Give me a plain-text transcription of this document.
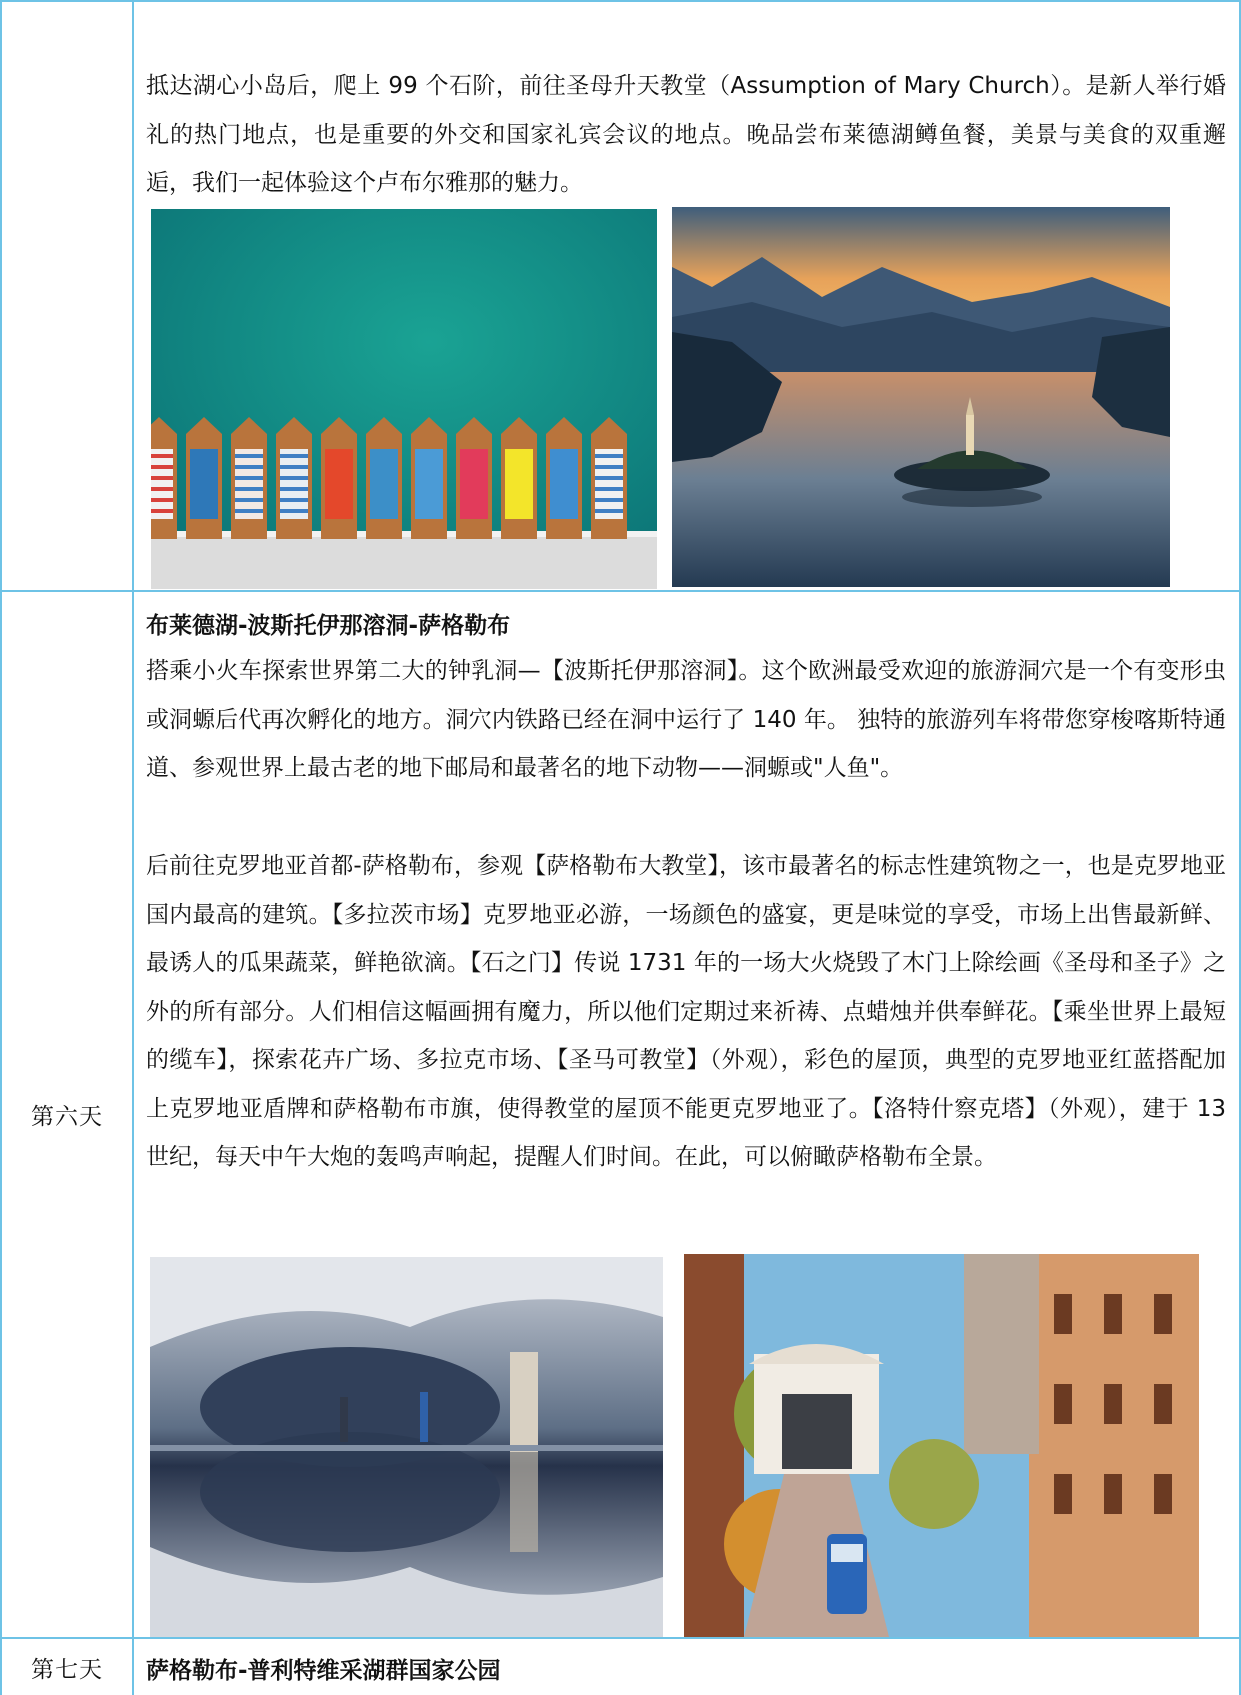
抵达湖心小岛后，爬上 99 个石阶，前往圣母升天教堂（Assumption of Mary Church）。是新人举行婚礼的热门地点，也是重要的外交和国家礼宾会议的地点。晚品尝布莱德湖鳟鱼餐，美景与美食的双重邂逅，我们一起体验这个卢布尔雅那的魅力。
第六天
布莱德湖-波斯托伊那溶洞-萨格勒布
搭乘小火车探索世界第二大的钟乳洞—【波斯托伊那溶洞】。这个欧洲最受欢迎的旅游洞穴是一个有变形虫或洞螈后代再次孵化的地方。洞穴内铁路已经在洞中运行了 140 年。 独特的旅游列车将带您穿梭喀斯特通道、参观世界上最古老的地下邮局和最著名的地下动物——洞螈或"人鱼"。
后前往克罗地亚首都-萨格勒布，参观【萨格勒布大教堂】，该市最著名的标志性建筑物之一，也是克罗地亚国内最高的建筑。【多拉茨市场】克罗地亚必游，一场颜色的盛宴，更是味觉的享受，市场上出售最新鲜、最诱人的瓜果蔬菜，鲜艳欲滴。【石之门】传说 1731 年的一场大火烧毁了木门上除绘画《圣母和圣子》之外的所有部分。人们相信这幅画拥有魔力，所以他们定期过来祈祷、点蜡烛并供奉鲜花。【乘坐世界上最短的缆车】，探索花卉广场、多拉克市场、【圣马可教堂】（外观），彩色的屋顶，典型的克罗地亚红蓝搭配加上克罗地亚盾牌和萨格勒布市旗，使得教堂的屋顶不能更克罗地亚了。【洛特什察克塔】（外观），建于 13 世纪，每天中午大炮的轰鸣声响起，提醒人们时间。在此，可以俯瞰萨格勒布全景。
第七天	萨格勒布-普利特维采湖群国家公园
